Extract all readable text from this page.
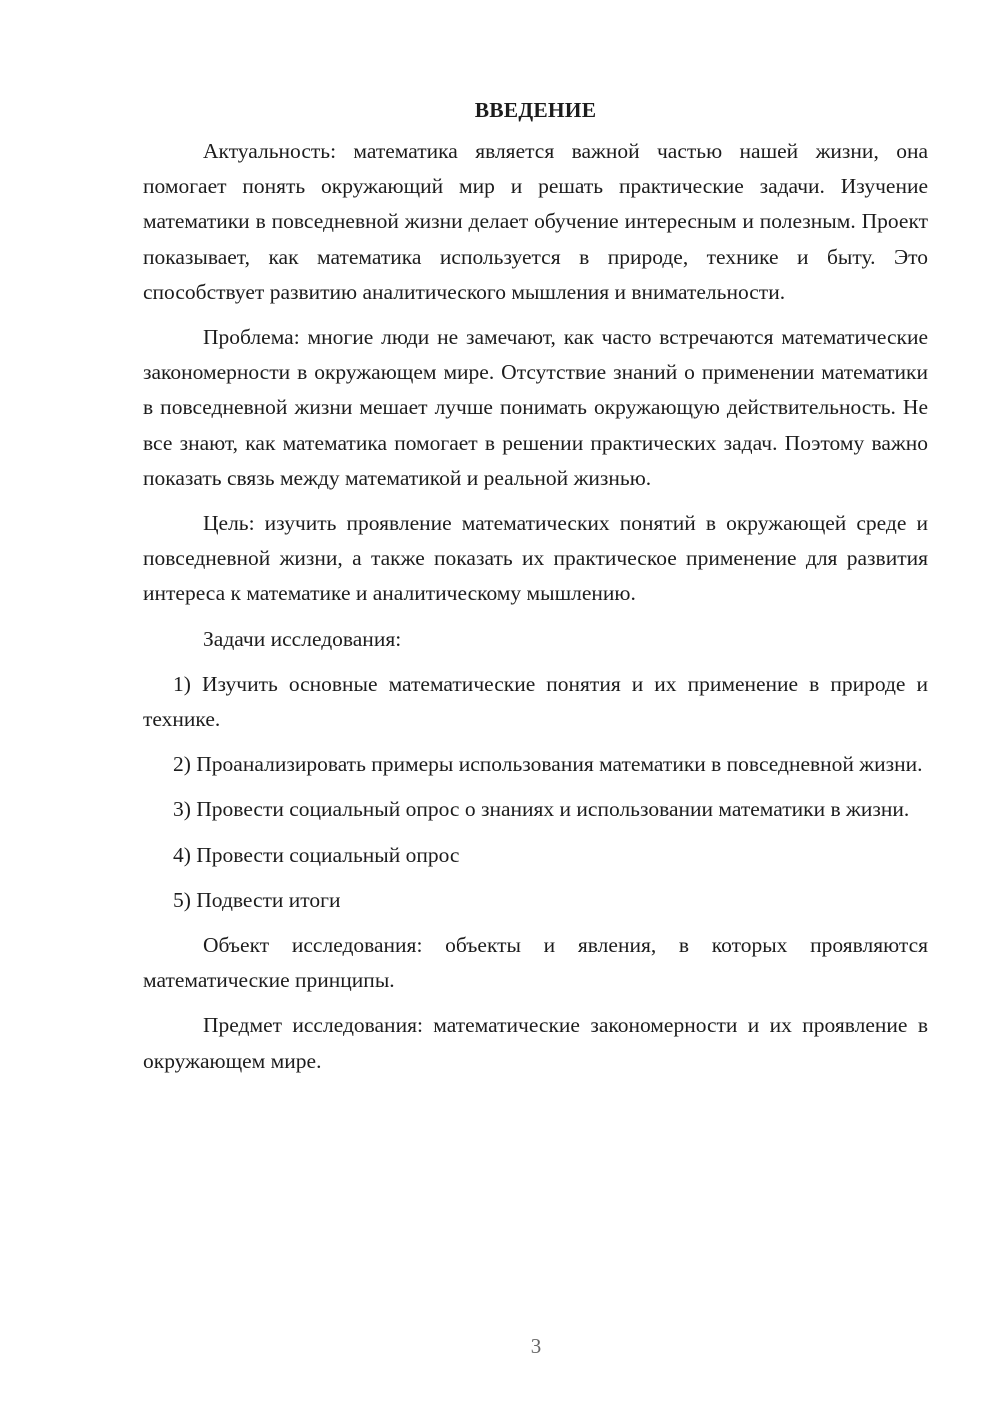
ВВЕДЕНИЕ

Актуальность: математика является важной частью нашей жизни, она помогает понять окружающий мир и решать практические задачи. Изучение математики в повседневной жизни делает обучение интересным и полезным. Проект показывает, как математика используется в природе, технике и быту. Это способствует развитию аналитического мышления и внимательности.

Проблема: многие люди не замечают, как часто встречаются математические закономерности в окружающем мире. Отсутствие знаний о применении математики в повседневной жизни мешает лучше понимать окружающую действительность. Не все знают, как математика помогает в решении практических задач. Поэтому важно показать связь между математикой и реальной жизнью.

Цель: изучить проявление математических понятий в окружающей среде и повседневной жизни, а также показать их практическое применение для развития интереса к математике и аналитическому мышлению.

Задачи исследования:

1) Изучить основные математические понятия и их применение в природе и технике.

2) Проанализировать примеры использования математики в повседневной жизни.

3) Провести социальный опрос о знаниях и использовании математики в жизни.

4) Провести социальный опрос

5) Подвести итоги

Объект исследования: объекты и явления, в которых проявляются математические принципы.

Предмет исследования: математические закономерности и их проявление в окружающем мире.

3
